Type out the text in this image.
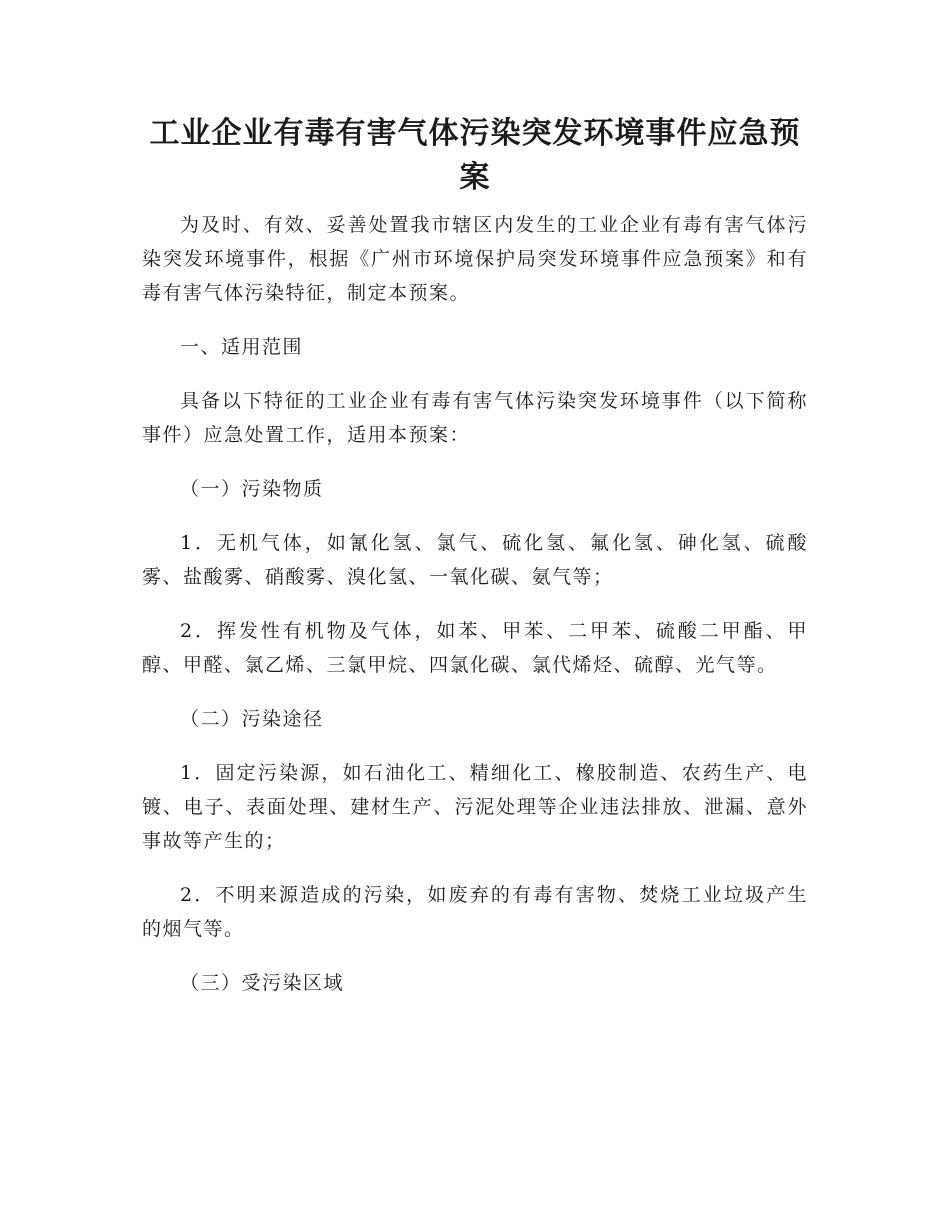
工业企业有毒有害气体污染突发环境事件应急预案

为及时、有效、妥善处置我市辖区内发生的工业企业有毒有害气体污染突发环境事件，根据《广州市环境保护局突发环境事件应急预案》和有毒有害气体污染特征，制定本预案。

一、适用范围

具备以下特征的工业企业有毒有害气体污染突发环境事件（以下简称事件）应急处置工作，适用本预案：

（一）污染物质

1．无机气体，如氰化氢、氯气、硫化氢、氟化氢、砷化氢、硫酸雾、盐酸雾、硝酸雾、溴化氢、一氧化碳、氨气等；

2．挥发性有机物及气体，如苯、甲苯、二甲苯、硫酸二甲酯、甲醇、甲醛、氯乙烯、三氯甲烷、四氯化碳、氯代烯烃、硫醇、光气等。

（二）污染途径

1．固定污染源，如石油化工、精细化工、橡胶制造、农药生产、电镀、电子、表面处理、建材生产、污泥处理等企业违法排放、泄漏、意外事故等产生的；

2．不明来源造成的污染，如废弃的有毒有害物、焚烧工业垃圾产生的烟气等。

（三）受污染区域
